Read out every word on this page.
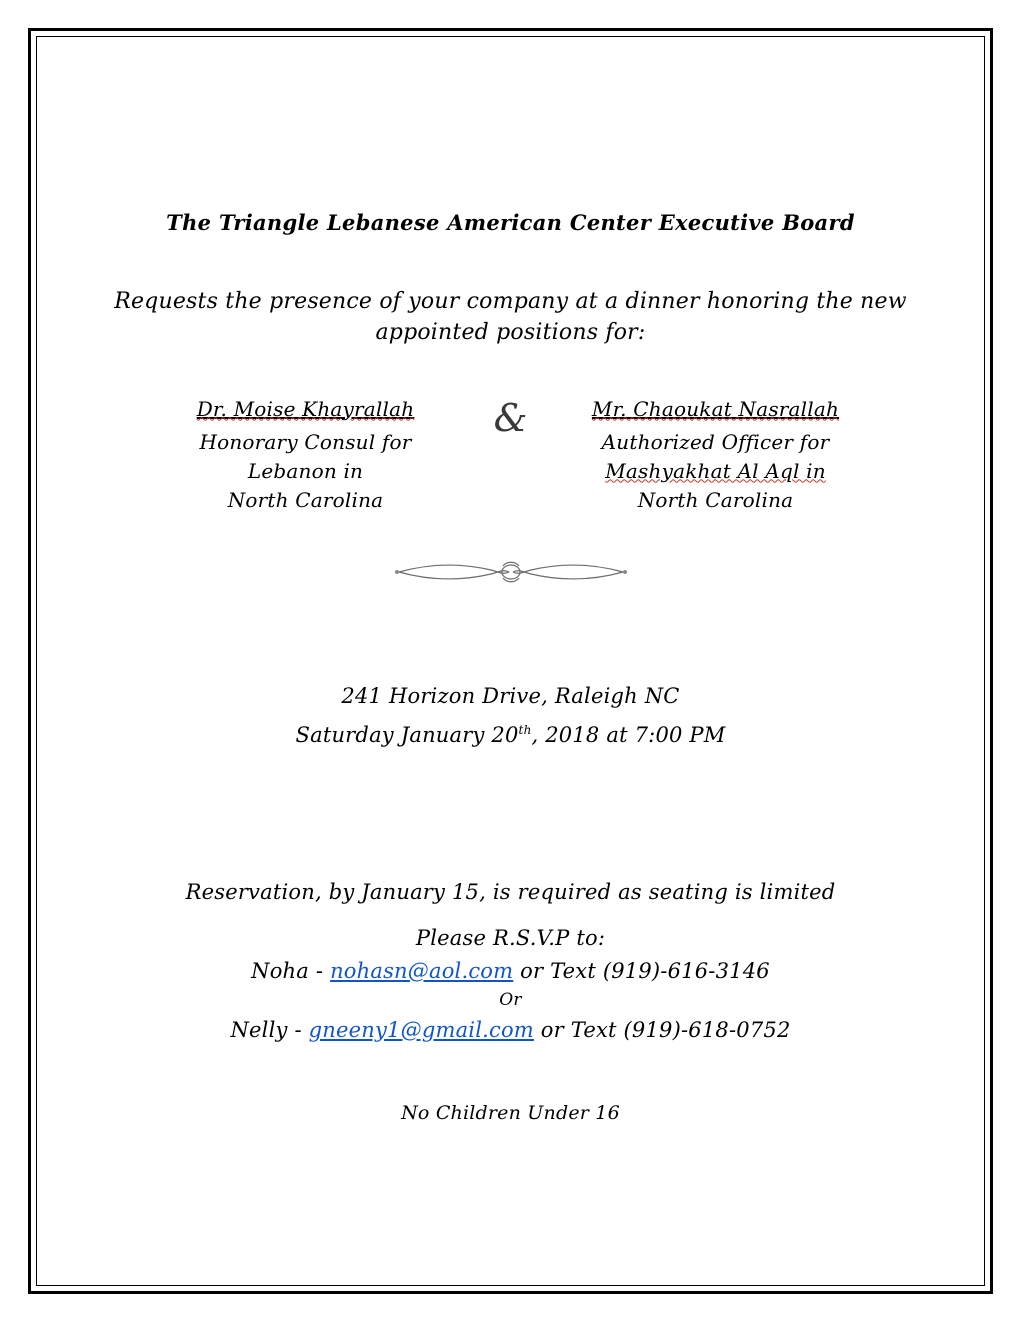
The Triangle Lebanese American Center Executive Board
Requests the presence of your company at a dinner honoring the new
appointed positions for:
Dr. Moise Khayrallah
Honorary Consul for
Lebanon in
North Carolina
&	Mr. Chaoukat Nasrallah
Authorized Officer for
Mashyakhat Al Aql in
North Carolina
241 Horizon Drive, Raleigh NC
Saturday January 20th, 2018 at 7:00 PM
Reservation, by January 15, is required as seating is limited
Please R.S.V.P to:
Noha - nohasn@aol.com or Text (919)-616-3146
Or
Nelly - gneeny1@gmail.com or Text (919)-618-0752
No Children Under 16
